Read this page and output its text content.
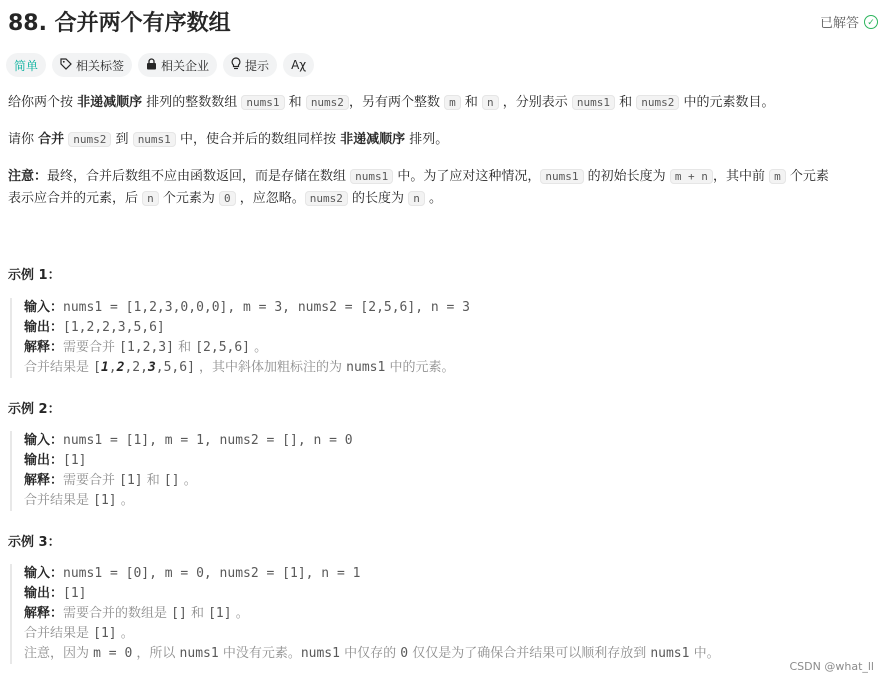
88. 合并两个有序数组	已解答 ✓
简单	相关标签	相关企业	提示 Aχ
给你两个按 非递减顺序 排列的整数数组 nums1 和 nums2 ，另有两个整数 m 和 n ，分别表示 nums1 和 nums2 中的元素数目。
请你 合并 nums2 到 nums1 中，使合并后的数组同样按 非递减顺序 排列。
注意：最终，合并后数组不应由函数返回，而是存储在数组 nums1 中。为了应对这种情况， nums1 的初始长度为 m + n ，其中前 m 个元素
表示应合并的元素，后 n 个元素为 0 ，应忽略。 nums2 的长度为 n 。
示例 1：
输入：nums1 = [1,2,3,0,0,0], m = 3, nums2 = [2,5,6], n = 3
输出：[1,2,2,3,5,6]
解释：需要合并 [1,2,3] 和 [2,5,6] 。
合并结果是 [1,2,2,3,5,6] ，其中斜体加粗标注的为 nums1 中的元素。
示例 2：
输入：nums1 = [1], m = 1, nums2 = [], n = 0
输出：[1]
解释：需要合并 [1] 和 [] 。
合并结果是 [1] 。
示例 3：
输入：nums1 = [0], m = 0, nums2 = [1], n = 1
输出：[1]
解释：需要合并的数组是 [] 和 [1] 。
合并结果是 [1] 。
注意，因为 m = 0 ，所以 nums1 中没有元素。nums1 中仅存的 0 仅仅是为了确保合并结果可以顺利存放到 nums1 中。
CSDN @what_ll
